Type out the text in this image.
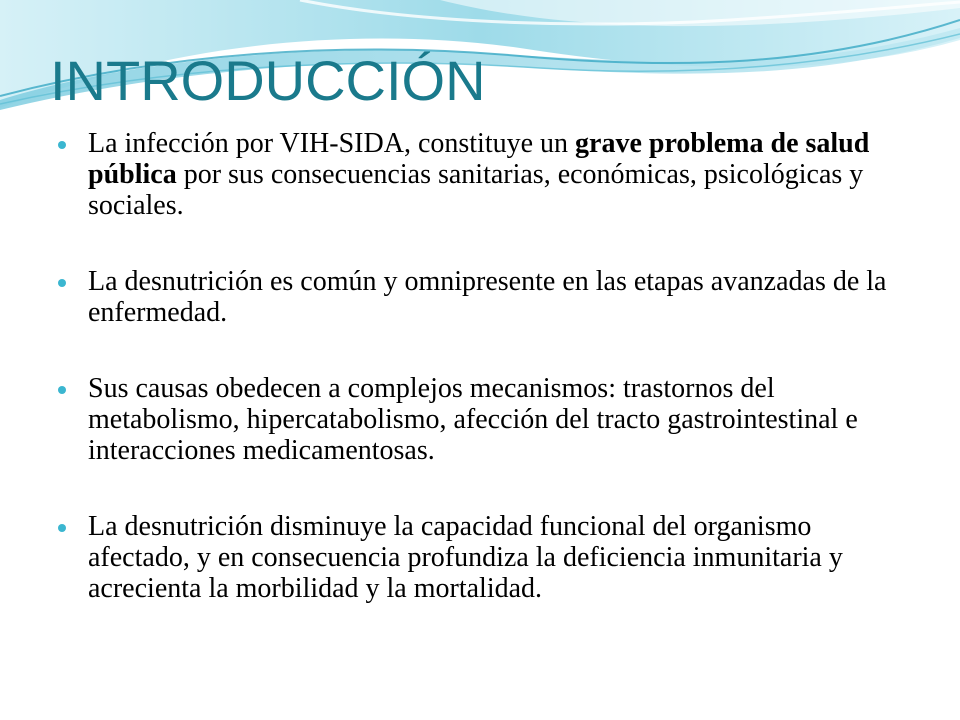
INTRODUCCIÓN
La infección por VIH-SIDA, constituye un grave problema de salud pública por sus consecuencias sanitarias, económicas, psicológicas y sociales.
La desnutrición es común y omnipresente en las etapas avanzadas de la enfermedad.
Sus causas obedecen a complejos mecanismos: trastornos del metabolismo, hipercatabolismo, afección del tracto gastrointestinal e interacciones medicamentosas.
La desnutrición disminuye la capacidad funcional del organismo afectado, y en consecuencia profundiza la deficiencia inmunitaria y acrecienta la morbilidad y la mortalidad.
